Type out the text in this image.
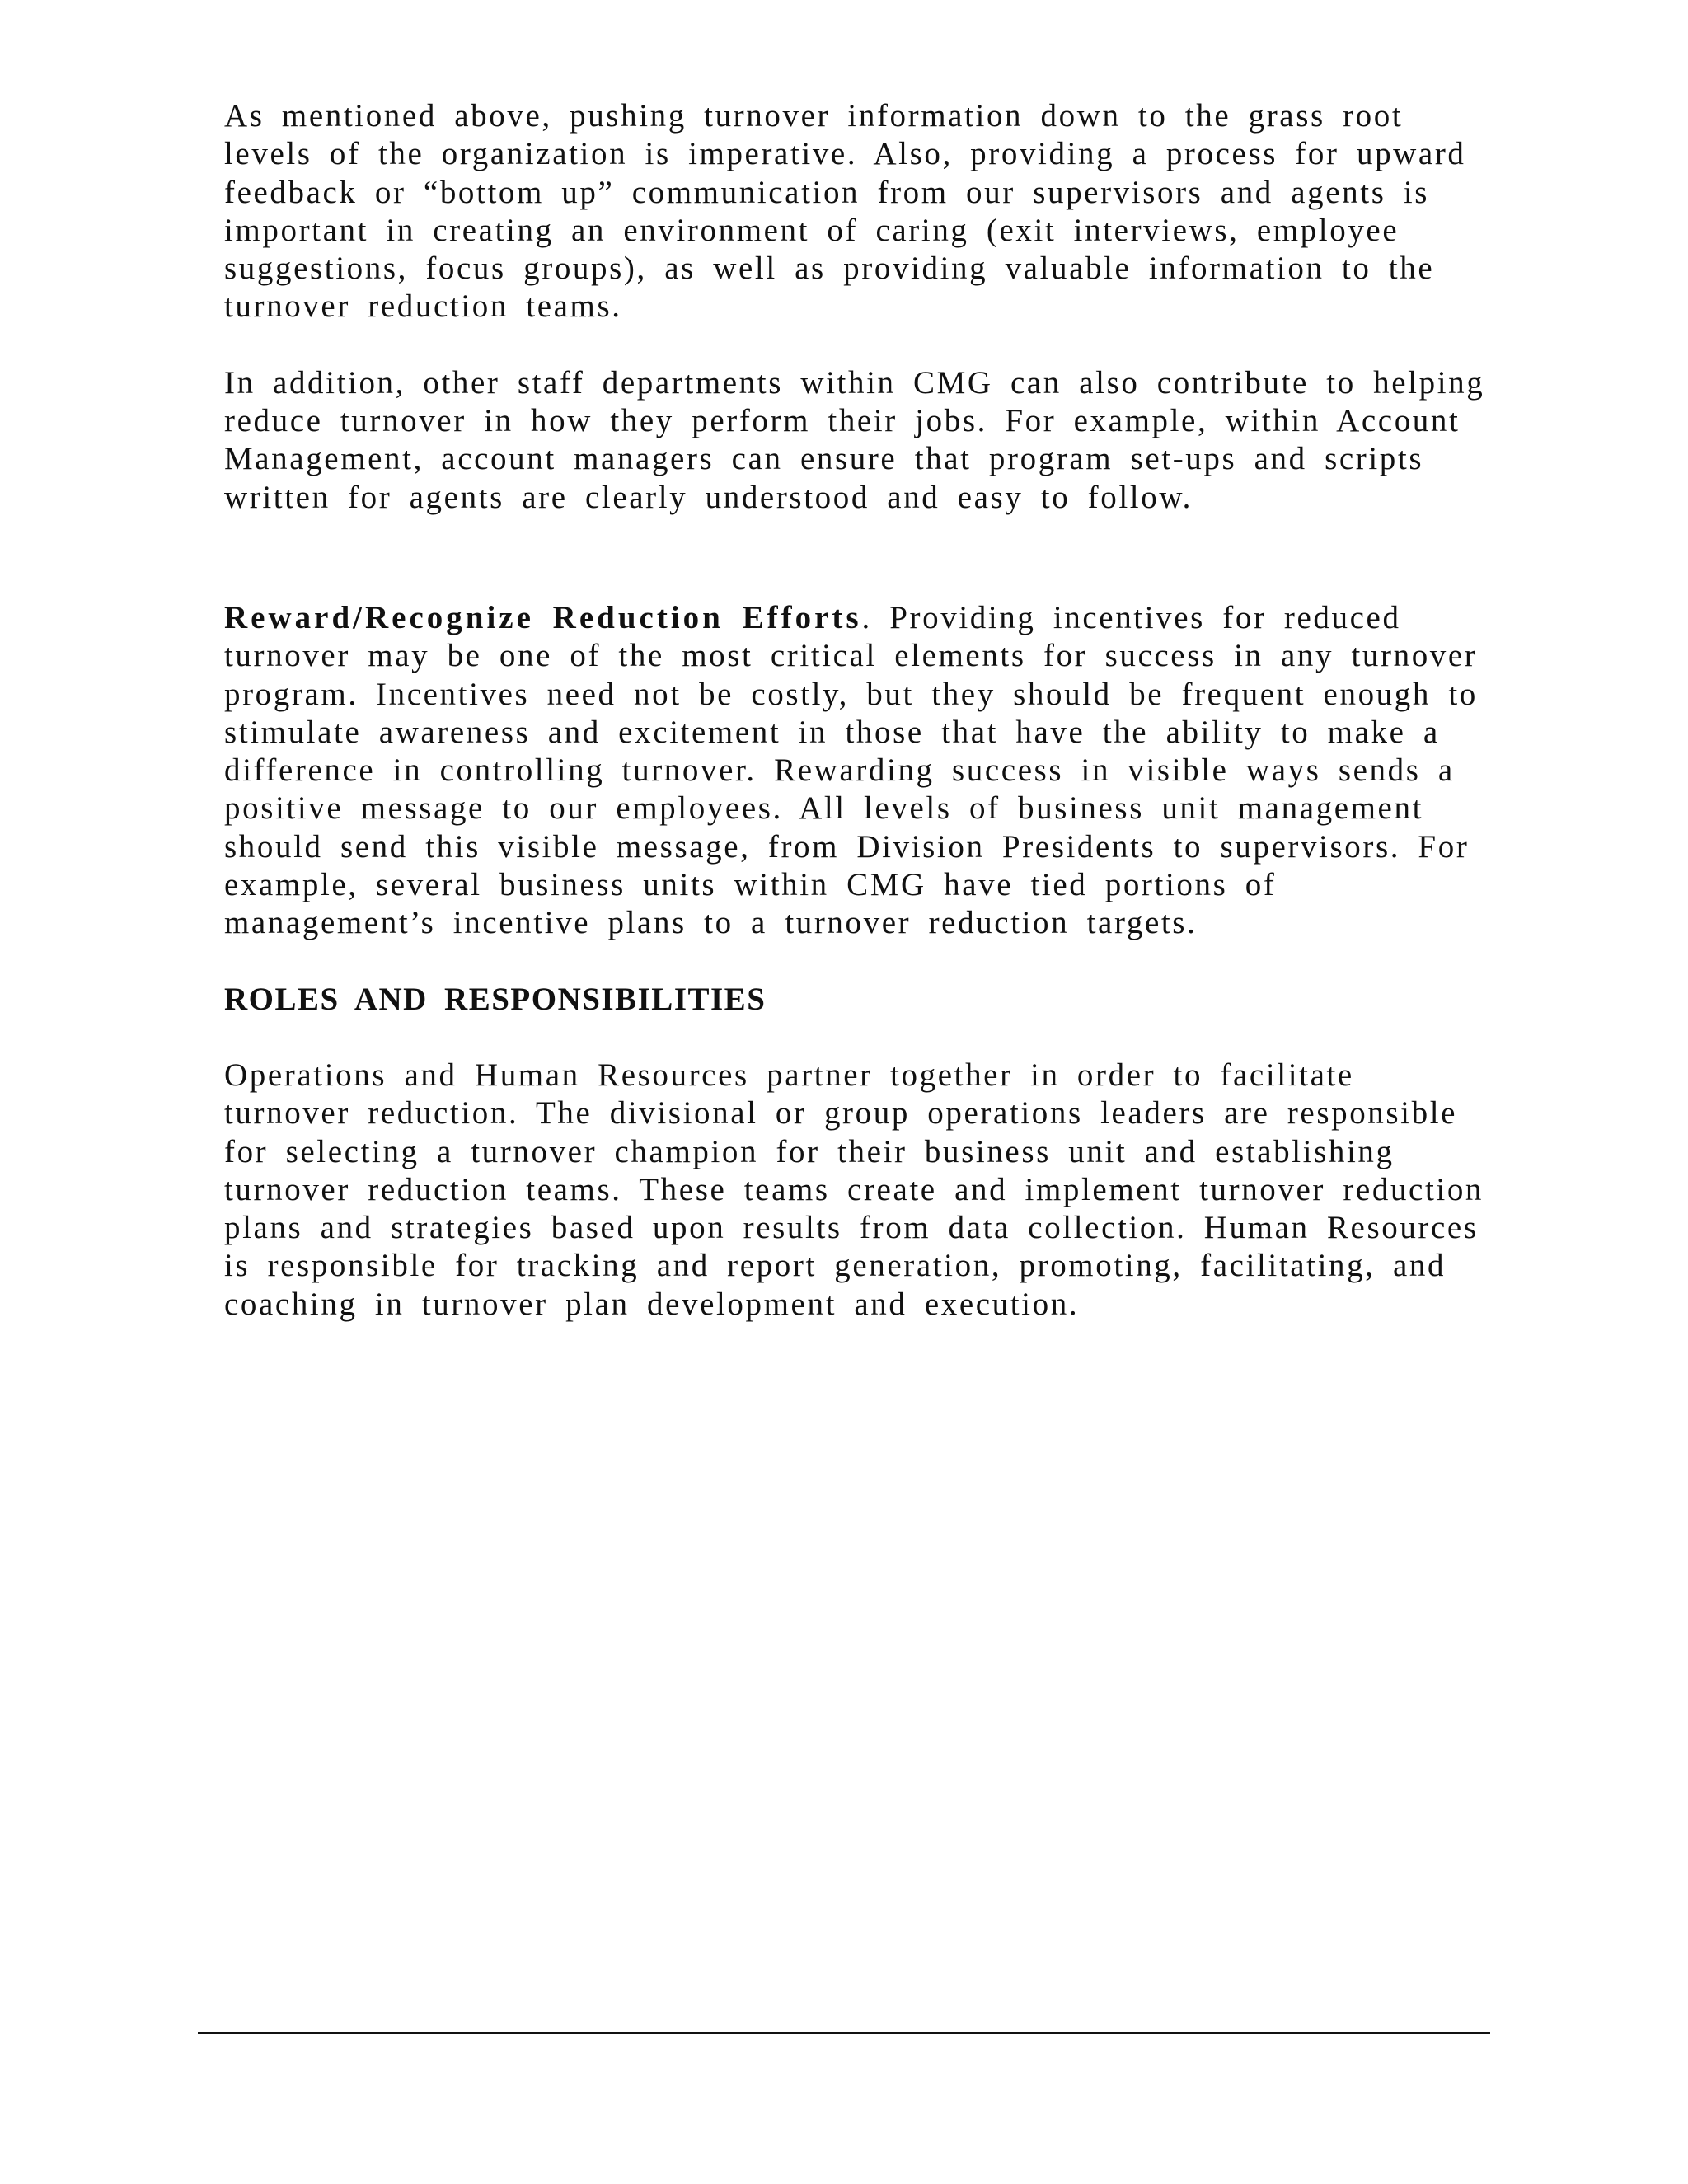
As mentioned above, pushing turnover information down to the grass root levels of the organization is imperative. Also, providing a process for upward feedback or “bottom up” communication from our supervisors and agents is important in creating an environment of caring (exit interviews, employee suggestions, focus groups), as well as providing valuable information to the turnover reduction teams.

In addition, other staff departments within CMG can also contribute to helping reduce turnover in how they perform their jobs. For example, within Account Management, account managers can ensure that program set-ups and scripts written for agents are clearly understood and easy to follow.

Reward/Recognize Reduction Efforts. Providing incentives for reduced turnover may be one of the most critical elements for success in any turnover program. Incentives need not be costly, but they should be frequent enough to stimulate awareness and excitement in those that have the ability to make a difference in controlling turnover. Rewarding success in visible ways sends a positive message to our employees. All levels of business unit management should send this visible message, from Division Presidents to supervisors. For example, several business units within CMG have tied portions of management’s incentive plans to a turnover reduction targets.

ROLES AND RESPONSIBILITIES

Operations and Human Resources partner together in order to facilitate turnover reduction. The divisional or group operations leaders are responsible for selecting a turnover champion for their business unit and establishing turnover reduction teams. These teams create and implement turnover reduction plans and strategies based upon results from data collection. Human Resources is responsible for tracking and report generation, promoting, facilitating, and coaching in turnover plan development and execution.
